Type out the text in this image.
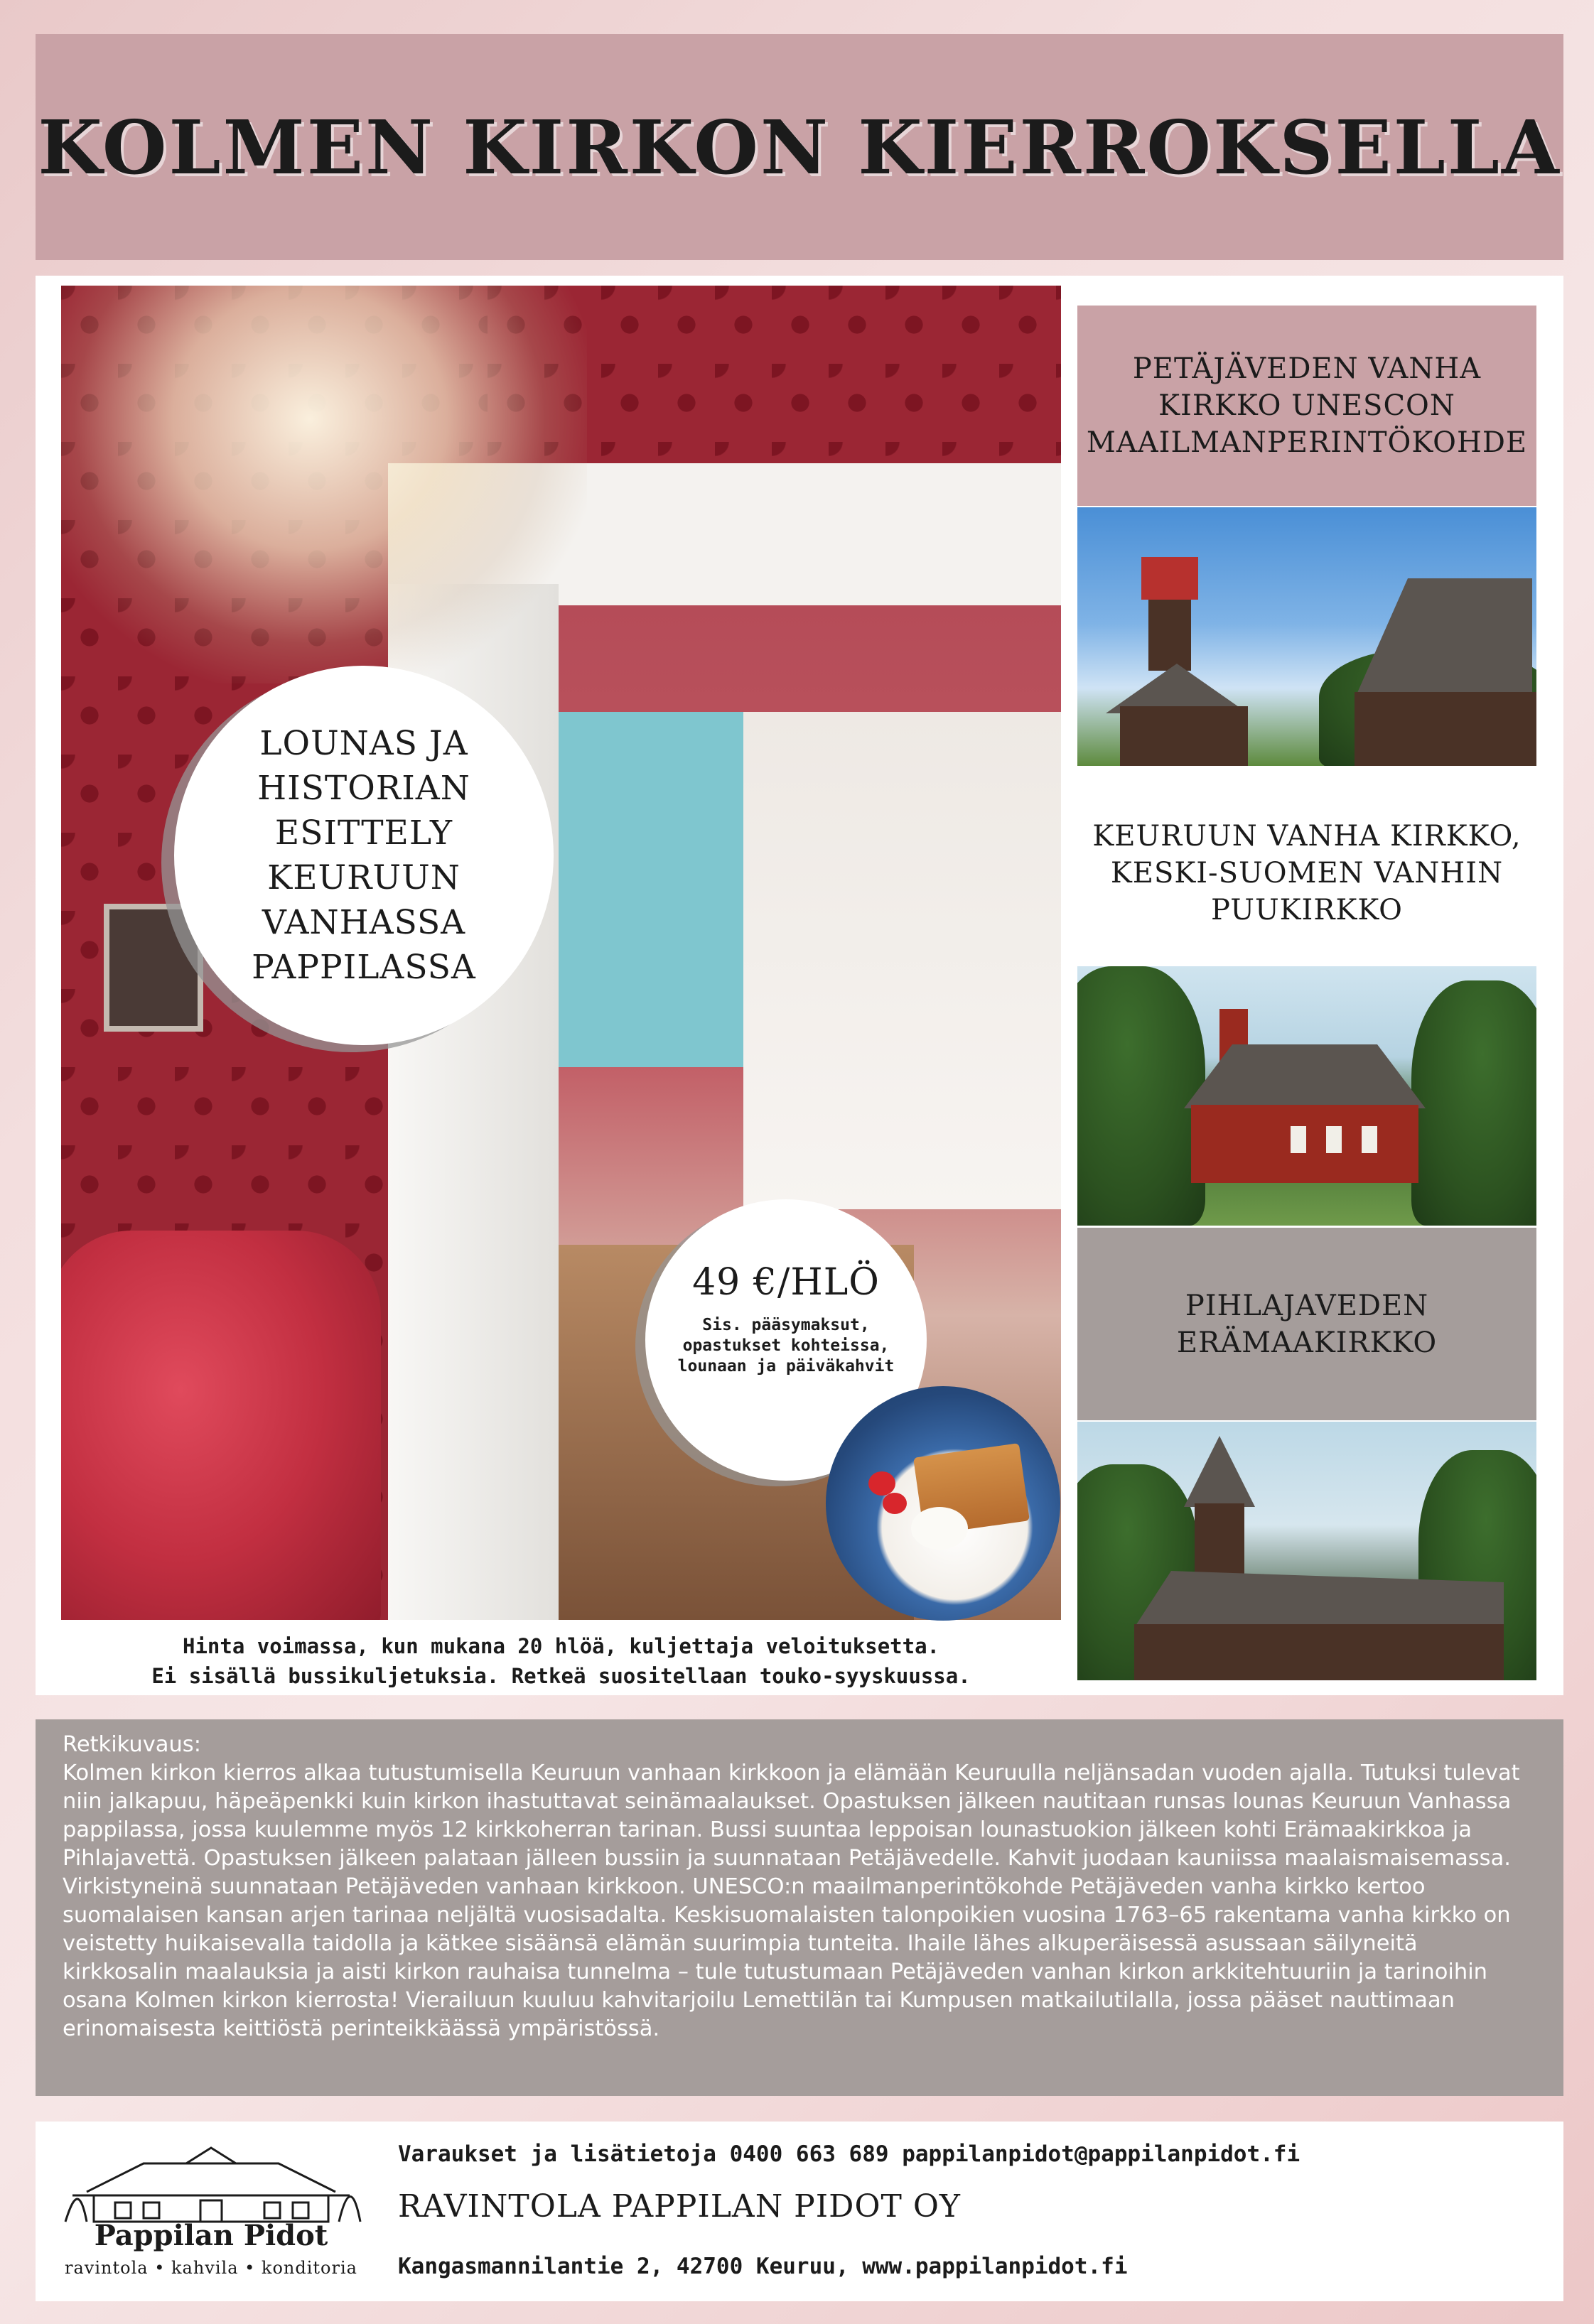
KOLMEN KIRKON KIERROKSELLA
LOUNAS JA HISTORIAN ESITTELY KEURUUN VANHASSA PAPPILASSA
49 €/HLÖ
Sis. pääsymaksut, opastukset kohteissa, lounaan ja päiväkahvit
Hinta voimassa, kun mukana 20 hlöä, kuljettaja veloituksetta.
Ei sisällä bussikuljetuksia. Retkeä suositellaan touko-syyskuussa.
PETÄJÄVEDEN VANHA KIRKKO UNESCON MAAILMANPERINTÖKOHDE
KEURUUN VANHA KIRKKO, KESKI-SUOMEN VANHIN PUUKIRKKO
PIHLAJAVEDEN ERÄMAAKIRKKO
Retkikuvaus:

Kolmen kirkon kierros alkaa tutustumisella Keuruun vanhaan kirkkoon ja elämään Keuruulla neljänsadan vuoden ajalla. Tutuksi tulevat niin jalkapuu, häpeäpenkki kuin kirkon ihastuttavat seinämaalaukset. Opastuksen jälkeen nautitaan runsas lounas Keuruun Vanhassa pappilassa, jossa kuulemme myös 12 kirkkoherran tarinan. Bussi suuntaa leppoisan lounastuokion jälkeen kohti Erämaakirkkoa ja Pihlajavettä. Opastuksen jälkeen palataan jälleen bussiin ja suunnataan Petäjävedelle. Kahvit juodaan kauniissa maalaismaisemassa. Virkistyneinä suunnataan Petäjäveden vanhaan kirkkoon. UNESCO:n maailmanperintökohde Petäjäveden vanha kirkko kertoo suomalaisen kansan arjen tarinaa neljältä vuosisadalta. Keskisuomalaisten talonpoikien vuosina 1763–65 rakentama vanha kirkko on veistetty huikaisevalla taidolla ja kätkee sisäänsä elämän suurimpia tunteita. Ihaile lähes alkuperäisessä asussaan säilyneitä kirkkosalin maalauksia ja aisti kirkon rauhaisa tunnelma – tule tutustumaan Petäjäveden vanhan kirkon arkkitehtuuriin ja tarinoihin osana Kolmen kirkon kierrosta! Vierailuun kuuluu kahvitarjoilu Lemettilän tai Kumpusen matkailutilalla, jossa pääset nauttimaan erinomaisesta keittiöstä perinteikkäässä ympäristössä.

Pappilan Pidot
ravintola • kahvila • konditoria
Varaukset ja lisätietoja 0400 663 689 pappilanpidot@pappilanpidot.fi
RAVINTOLA PAPPILAN PIDOT OY
Kangasmannilantie 2, 42700 Keuruu, www.pappilanpidot.fi
